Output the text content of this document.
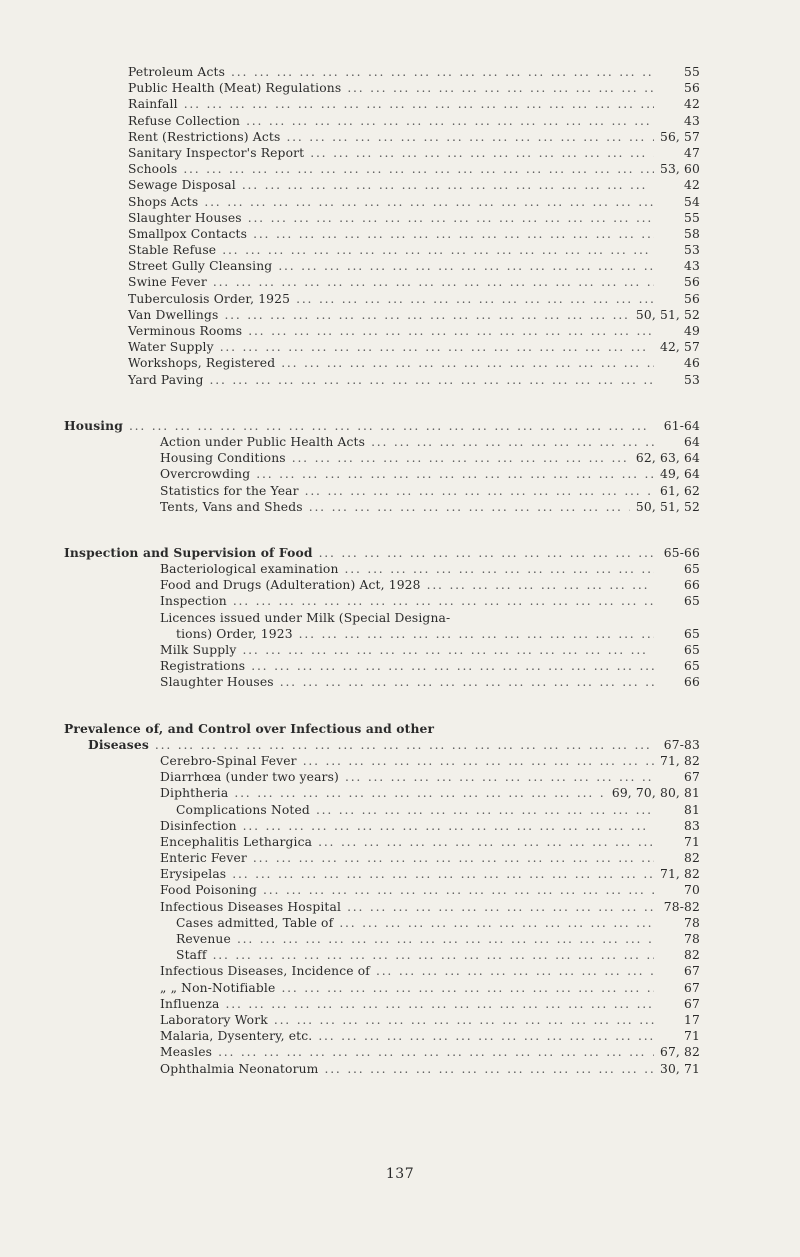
Petroleum Acts ... .	55
Public Health (Meat) Regulations ... .	56
Rainfall ... .	42
Refuse Collection ... .	43
Rent (Restrictions) Acts ... .	56, 57
Sanitary Inspector's Report ... .	47
Schools ... .	53, 60
Sewage Disposal ... .	42
Shops Acts ... .	54
Slaughter Houses ... .	55
Smallpox Contacts ... .	58
Stable Refuse ... .	53
Street Gully Cleansing ... .	43
Swine Fever ... .	56
Tuberculosis Order, 1925 ... .	56
Van Dwellings ... .	50, 51, 52
Verminous Rooms ... .	49
Water Supply ... .	42, 57
Workshops, Registered ... .	46
Yard Paving ... .	53
Housing ... .	61-64
Action under Public Health Acts ... .	64
Housing Conditions ... .	62, 63, 64
Overcrowding ... .	49, 64
Statistics for the Year ... .	61, 62
Tents, Vans and Sheds ... .	50, 51, 52
Inspection and Supervision of Food ... .	65-66
Bacteriological examination ... .	65
Food and Drugs (Adulteration) Act, 1928 ... .	66
Inspection ... .	65
Licences issued under Milk (Special Designa-
tions) Order, 1923 ... .	65
Milk Supply ... .	65
Registrations ... .	65
Slaughter Houses ... .	66
Prevalence of, and Control over Infectious and other
Diseases ... .	67-83
Cerebro-Spinal Fever ... .	71, 82
Diarrhœa (under two years) ... .	67
Diphtheria ... .	69, 70, 80, 81
Complications Noted ... .	81
Disinfection ... .	83
Encephalitis Lethargica ... .	71
Enteric Fever ... .	82
Erysipelas ... .	71, 82
Food Poisoning ... .	70
Infectious Diseases Hospital ... .	78-82
Cases admitted, Table of ... .	78
Revenue ... .	78
Staff ... .	82
Infectious Diseases, Incidence of ... .	67
„ „ Non-Notifiable ... .	67
Influenza ... .	67
Laboratory Work ... .	17
Malaria, Dysentery, etc. ... .	71
Measles ... .	67, 82
Ophthalmia Neonatorum ... .	30, 71
137
